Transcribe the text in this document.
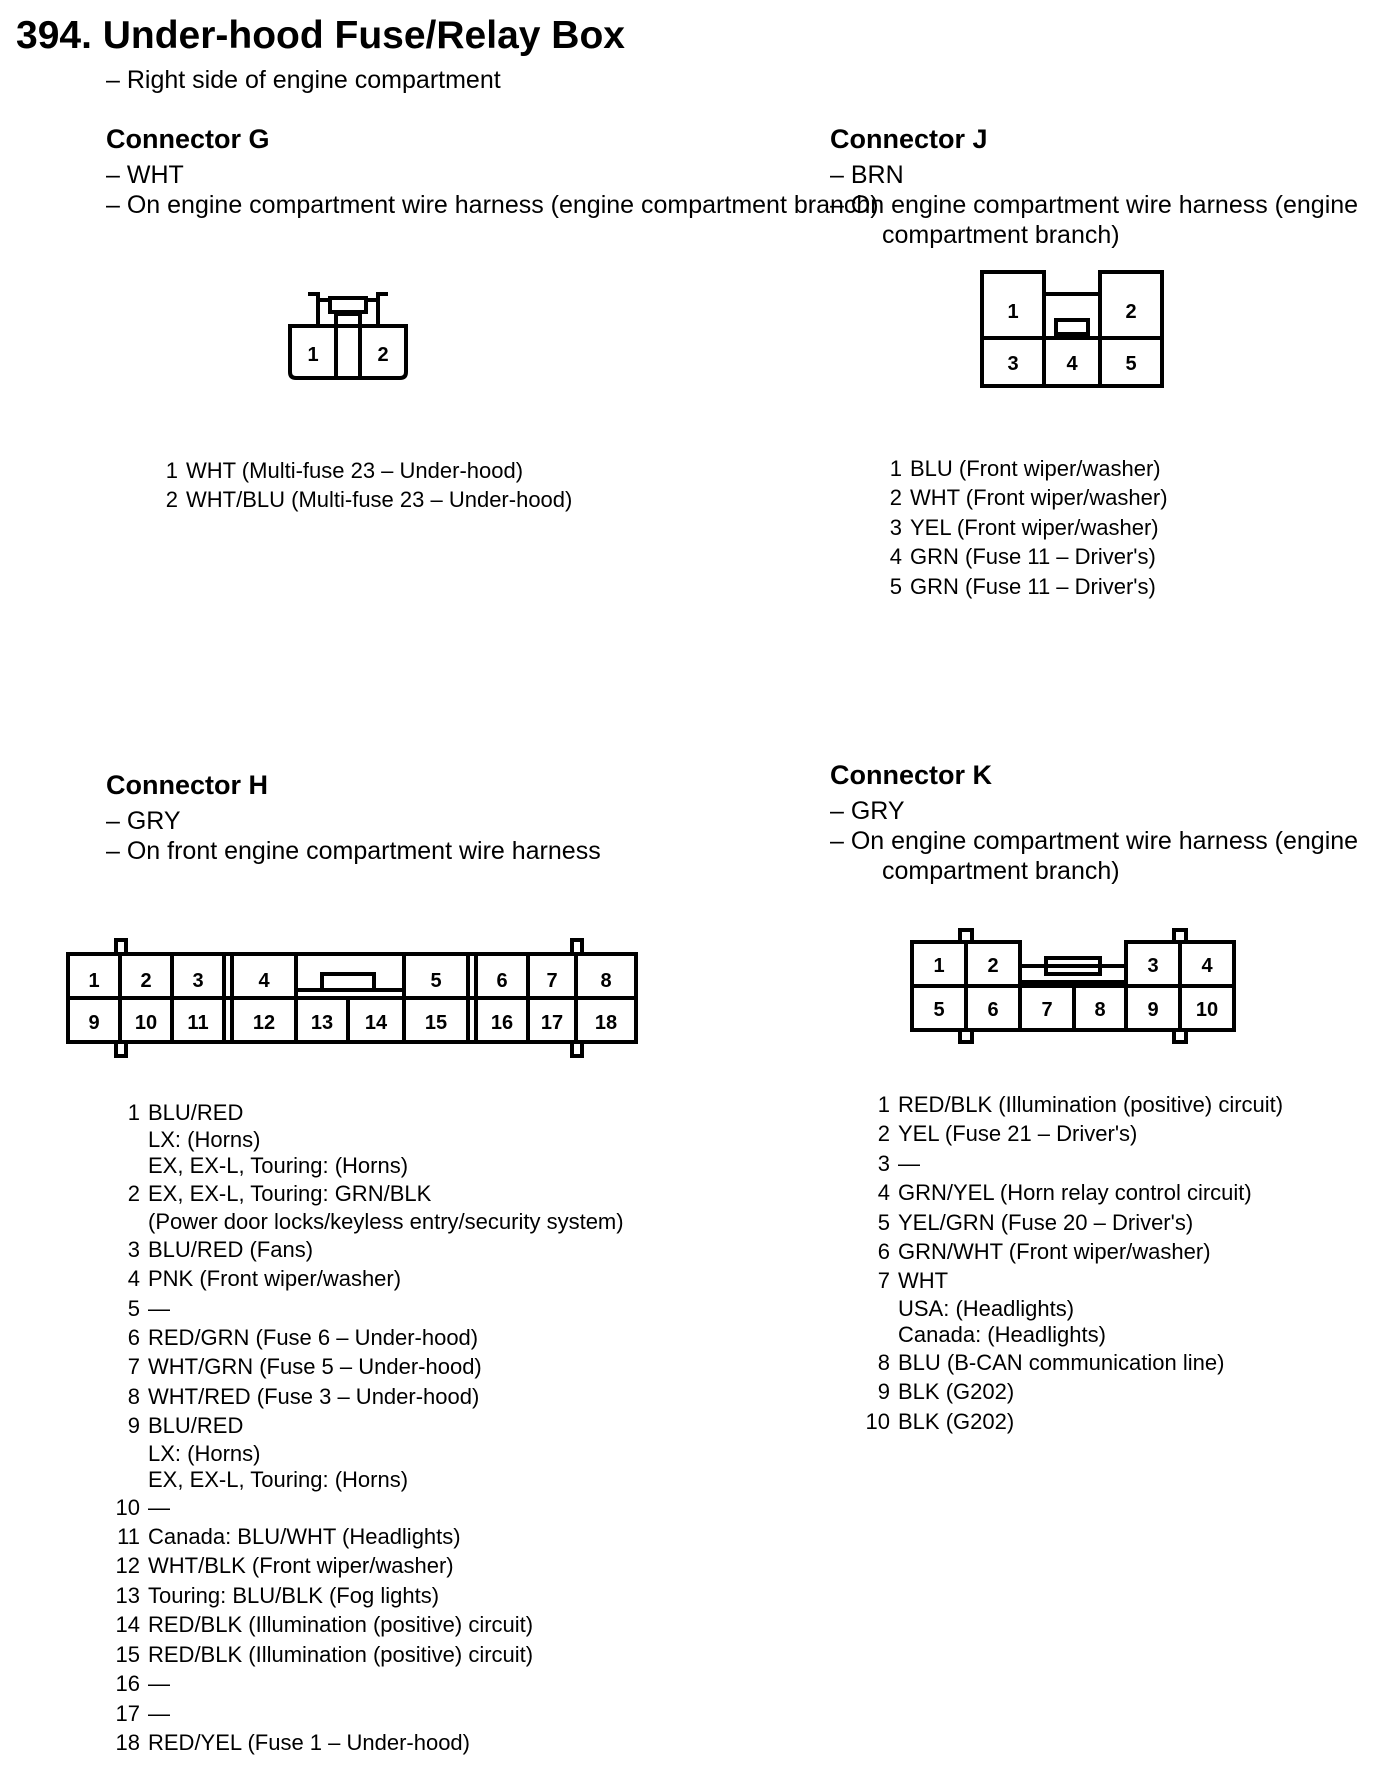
394. Under-hood Fuse/Relay Box
– Right side of engine compartment
Connector G
– WHT
– On engine compartment wire harness (engine compartment branch)
1	2
1 WHT (Multi-fuse 23 – Under-hood)
2 WHT/BLU (Multi-fuse 23 – Under-hood)
Connector J
– BRN
– On engine compartment wire harness (engine
compartment branch)
1	2
3 4 5
1 BLU (Front wiper/washer)
2 WHT (Front wiper/washer)
3 YEL (Front wiper/washer)
4 GRN (Fuse 11 – Driver's)
5 GRN (Fuse 11 – Driver's)
Connector H
– GRY
– On front engine compartment wire harness
1 2 3	4	5	6 7 8
9 10 11 12 13 14 15 16 17 18
1 BLU/RED
LX: (Horns)
EX, EX-L, Touring: (Horns)
2 EX, EX-L, Touring: GRN/BLK
(Power door locks/keyless entry/security system)
3 BLU/RED (Fans)
4 PNK (Front wiper/washer)
5 —
6 RED/GRN (Fuse 6 – Under-hood)
7 WHT/GRN (Fuse 5 – Under-hood)
8 WHT/RED (Fuse 3 – Under-hood)
9 BLU/RED
LX: (Horns)
EX, EX-L, Touring: (Horns)
10 —
11 Canada: BLU/WHT (Headlights)
12 WHT/BLK (Front wiper/washer)
13 Touring: BLU/BLK (Fog lights)
14 RED/BLK (Illumination (positive) circuit)
15 RED/BLK (Illumination (positive) circuit)
16 —
17 —
18 RED/YEL (Fuse 1 – Under-hood)
Connector K
– GRY
– On engine compartment wire harness (engine
compartment branch)
1 2	3 4
5 6 7 8 9 10
1 RED/BLK (Illumination (positive) circuit)
2 YEL (Fuse 21 – Driver's)
3 —
4 GRN/YEL (Horn relay control circuit)
5 YEL/GRN (Fuse 20 – Driver's)
6 GRN/WHT (Front wiper/washer)
7 WHT
USA: (Headlights)
Canada: (Headlights)
8 BLU (B-CAN communication line)
9 BLK (G202)
10 BLK (G202)
